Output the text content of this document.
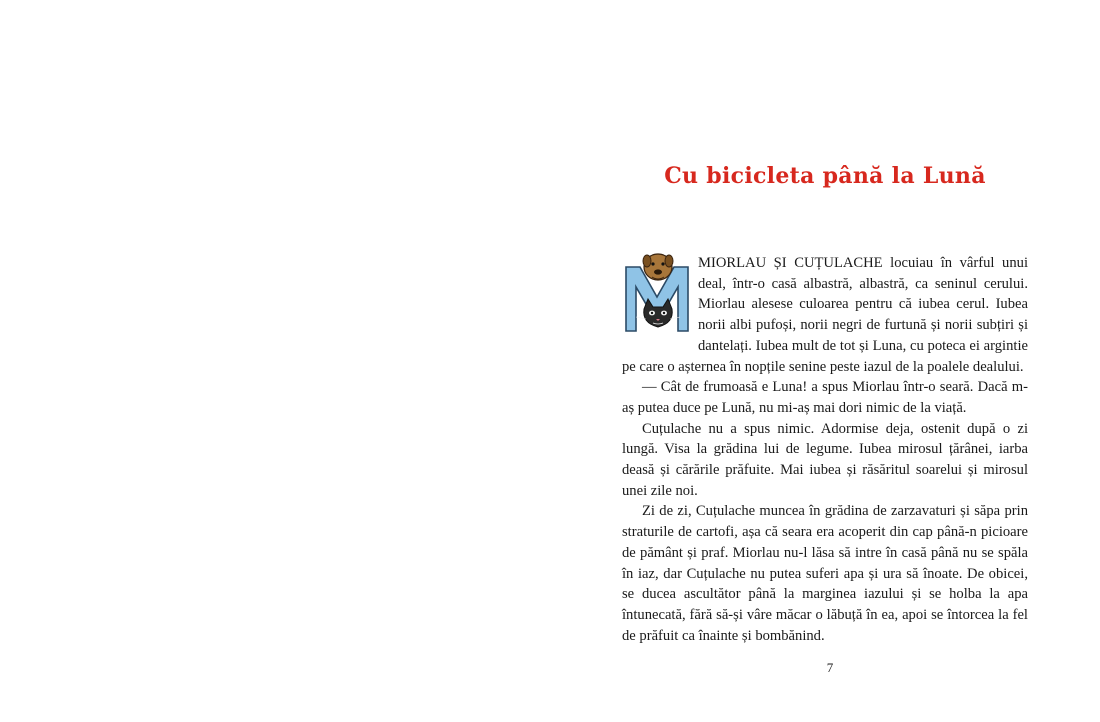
Cu bicicleta până la Lună

MIORLAU ȘI CUȚULACHE locuiau în vârful unui deal, într-o casă albastră, albastră, ca seninul cerului. Miorlau alesese culoarea pentru că iubea cerul. Iubea norii albi pufoși, norii negri de furtună și norii subțiri și dantelați. Iubea mult de tot și Luna, cu poteca ei argintie pe care o așternea în nopțile senine peste iazul de la poalele dealului.

— Cât de frumoasă e Luna! a spus Miorlau într-o seară. Dacă m-aș putea duce pe Lună, nu mi-aș mai dori nimic de la viață.

Cuțulache nu a spus nimic. Adormise deja, ostenit după o zi lungă. Visa la grădina lui de legume. Iubea mirosul țărânei, iarba deasă și cărările prăfuite. Mai iubea și răsăritul soarelui și mirosul unei zile noi.

Zi de zi, Cuțulache muncea în grădina de zarzavaturi și săpa prin straturile de cartofi, așa că seara era acoperit din cap până-n picioare de pământ și praf. Miorlau nu-l lăsa să intre în casă până nu se spăla în iaz, dar Cuțulache nu putea suferi apa și ura să înoate. De obicei, se ducea ascultător până la marginea iazului și se holba la apa întunecată, fără să-și vâre măcar o lăbuță în ea, apoi se întorcea la fel de prăfuit ca înainte și bombănind.

7
